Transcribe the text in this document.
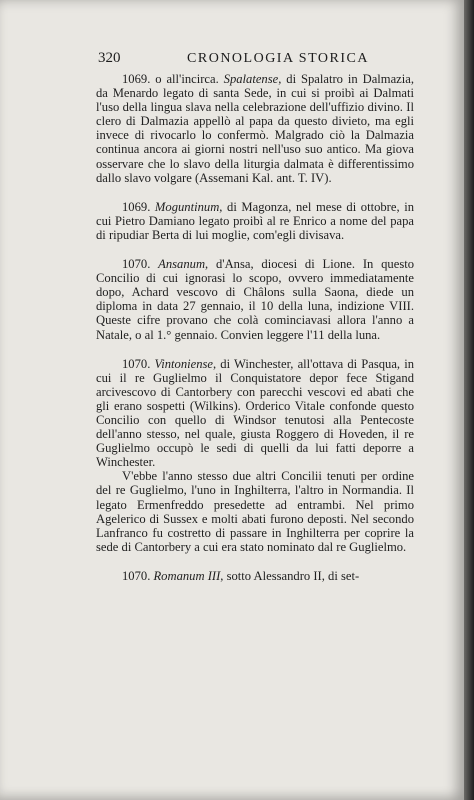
320	CRONOLOGIA STORICA

1069. o all'incirca. Spalatense, di Spalatro in Dalmazia, da Menardo legato di santa Sede, in cui si proibì ai Dalmati l'uso della lingua slava nella celebrazione dell'uffizio divino. Il clero di Dalmazia appellò al papa da questo divieto, ma egli invece di rivocarlo lo confermò. Malgrado ciò la Dalmazia continua ancora ai giorni nostri nell'uso suo antico. Ma giova osservare che lo slavo della liturgia dalmata è differentissimo dallo slavo volgare (Assemani Kal. ant. T. IV).

1069. Moguntinum, di Magonza, nel mese di ottobre, in cui Pietro Damiano legato proibì al re Enrico a nome del papa di ripudiar Berta di lui moglie, com'egli divisava.

1070. Ansanum, d'Ansa, diocesi di Lione. In questo Concilio di cui ignorasi lo scopo, ovvero immediatamente dopo, Achard vescovo di Châlons sulla Saona, diede un diploma in data 27 gennaio, il 10 della luna, indizione VIII. Queste cifre provano che colà cominciavasi allora l'anno a Natale, o al 1.° gennaio. Convien leggere l'11 della luna.

1070. Vintoniense, di Winchester, all'ottava di Pasqua, in cui il re Guglielmo il Conquistatore depor fece Stigand arcivescovo di Cantorbery con parecchi vescovi ed abati che gli erano sospetti (Wilkins). Orderico Vitale confonde questo Concilio con quello di Windsor tenutosi alla Pentecoste dell'anno stesso, nel quale, giusta Roggero di Hoveden, il re Guglielmo occupò le sedi di quelli da lui fatti deporre a Winchester.

V'ebbe l'anno stesso due altri Concilii tenuti per ordine del re Guglielmo, l'uno in Inghilterra, l'altro in Normandia. Il legato Ermenfreddo presedette ad entrambi. Nel primo Agelerico di Sussex e molti abati furono deposti. Nel secondo Lanfranco fu costretto di passare in Inghilterra per coprire la sede di Cantorbery a cui era stato nominato dal re Guglielmo.

1070. Romanum III, sotto Alessandro II, di set-
